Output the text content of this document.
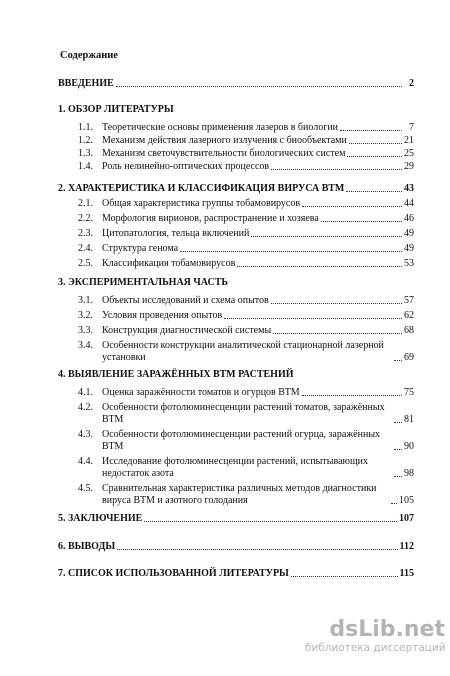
Содержание
ВВЕДЕНИЕ	2
1. ОБЗОР ЛИТЕРАТУРЫ
1.1. Теоретические основы применения лазеров в биологии	7
1.2. Механизм действия лазерного излучения с биообъектами	21
1.3. Механизм светочувствительности биологических систем	25
1.4. Роль нелинейно-оптических процессов	29
2. ХАРАКТЕРИСТИКА И КЛАССИФИКАЦИЯ ВИРУСА ВТМ	43
2.1. Общая характеристика группы тобамовирусов	44
2.2. Морфология вирионов, распространение и хозяева	46
2.3. Цитопатология, тельца включений	49
2.4. Структура генома	49
2.5. Классификация тобамовирусов	53
3. ЭКСПЕРИМЕНТАЛЬНАЯ ЧАСТЬ
3.1. Объекты исследований и схема опытов	57
3.2. Условия проведения опытов	62
3.3. Конструкция диагностической системы	68
3.4. Особенности конструкции аналитической стационарной лазерной установки	69
4. ВЫЯВЛЕНИЕ ЗАРАЖЁННЫХ ВТМ РАСТЕНИЙ
4.1. Оценка заражённости томатов и огурцов ВТМ	75
4.2. Особенности фотолюминесценции растений томатов, заражённых ВТМ	81
4.3. Особенности фотолюминесценции растений огурца, заражённых ВТМ	90
4.4. Исследование фотолюминесценции растений, испытывающих недостаток азота	98
4.5. Сравнительная характеристика различных методов диагностики вируса ВТМ и азотного голодания	105
5. ЗАКЛЮЧЕНИЕ	107
6. ВЫВОДЫ	112
7. СПИСОК ИСПОЛЬЗОВАННОЙ ЛИТЕРАТУРЫ	115
dsLib.net
библиотека диссертаций
